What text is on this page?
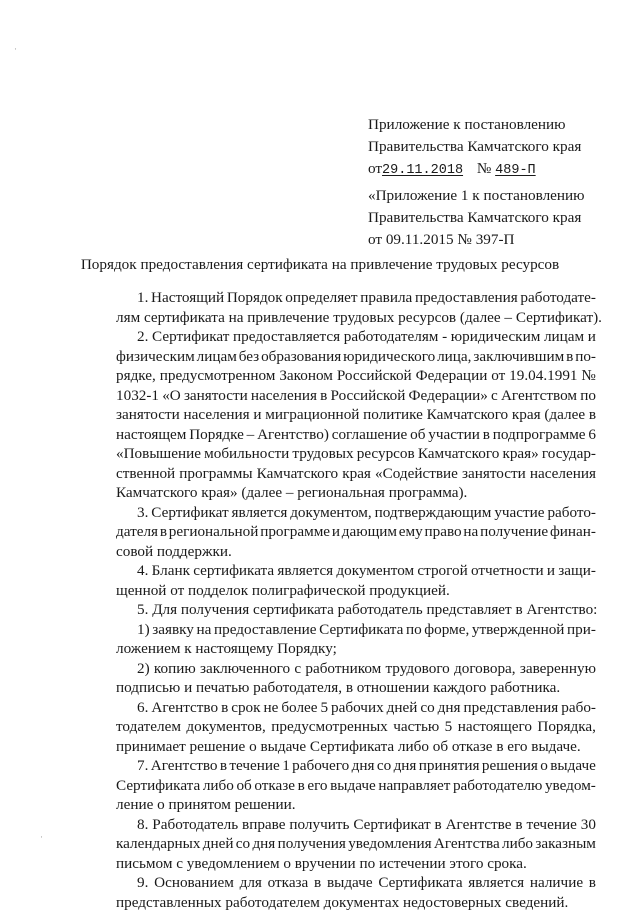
·
·
Приложение к постановлению
Правительства Камчатского края
от29.11.2018 № 489-П
«Приложение 1 к постановлению
Правительства Камчатского края
от 09.11.2015 № 397-П
Порядок предоставления сертификата на привлечение трудовых ресурсов
1. Настоящий Порядок определяет правила предоставления работодате-
лям сертификата на привлечение трудовых ресурсов (далее – Сертификат).
2. Сертификат предоставляется работодателям - юридическим лицам и
физическим лицам без образования юридического лица, заключившим в по-
рядке, предусмотренном Законом Российской Федерации от 19.04.1991 №
1032-1 «О занятости населения в Российской Федерации» с Агентством по
занятости населения и миграционной политике Камчатского края (далее в
настоящем Порядке – Агентство) соглашение об участии в подпрограмме 6
«Повышение мобильности трудовых ресурсов Камчатского края» государ-
ственной программы Камчатского края «Содействие занятости населения
Камчатского края» (далее – региональная программа).
3. Сертификат является документом, подтверждающим участие работо-
дателя в региональной программе и дающим ему право на получение финан-
совой поддержки.
4. Бланк сертификата является документом строгой отчетности и защи-
щенной от подделок полиграфической продукцией.
5. Для получения сертификата работодатель представляет в Агентство:
1) заявку на предоставление Сертификата по форме, утвержденной при-
ложением к настоящему Порядку;
2) копию заключенного с работником трудового договора, заверенную
подписью и печатью работодателя, в отношении каждого работника.
6. Агентство в срок не более 5 рабочих дней со дня представления рабо-
тодателем документов, предусмотренных частью 5 настоящего Порядка,
принимает решение о выдаче Сертификата либо об отказе в его выдаче.
7. Агентство в течение 1 рабочего дня со дня принятия решения о выдаче
Сертификата либо об отказе в его выдаче направляет работодателю уведом-
ление о принятом решении.
8. Работодатель вправе получить Сертификат в Агентстве в течение 30
календарных дней со дня получения уведомления Агентства либо заказным
письмом с уведомлением о вручении по истечении этого срока.
9. Основанием для отказа в выдаче Сертификата является наличие в
представленных работодателем документах недостоверных сведений.
